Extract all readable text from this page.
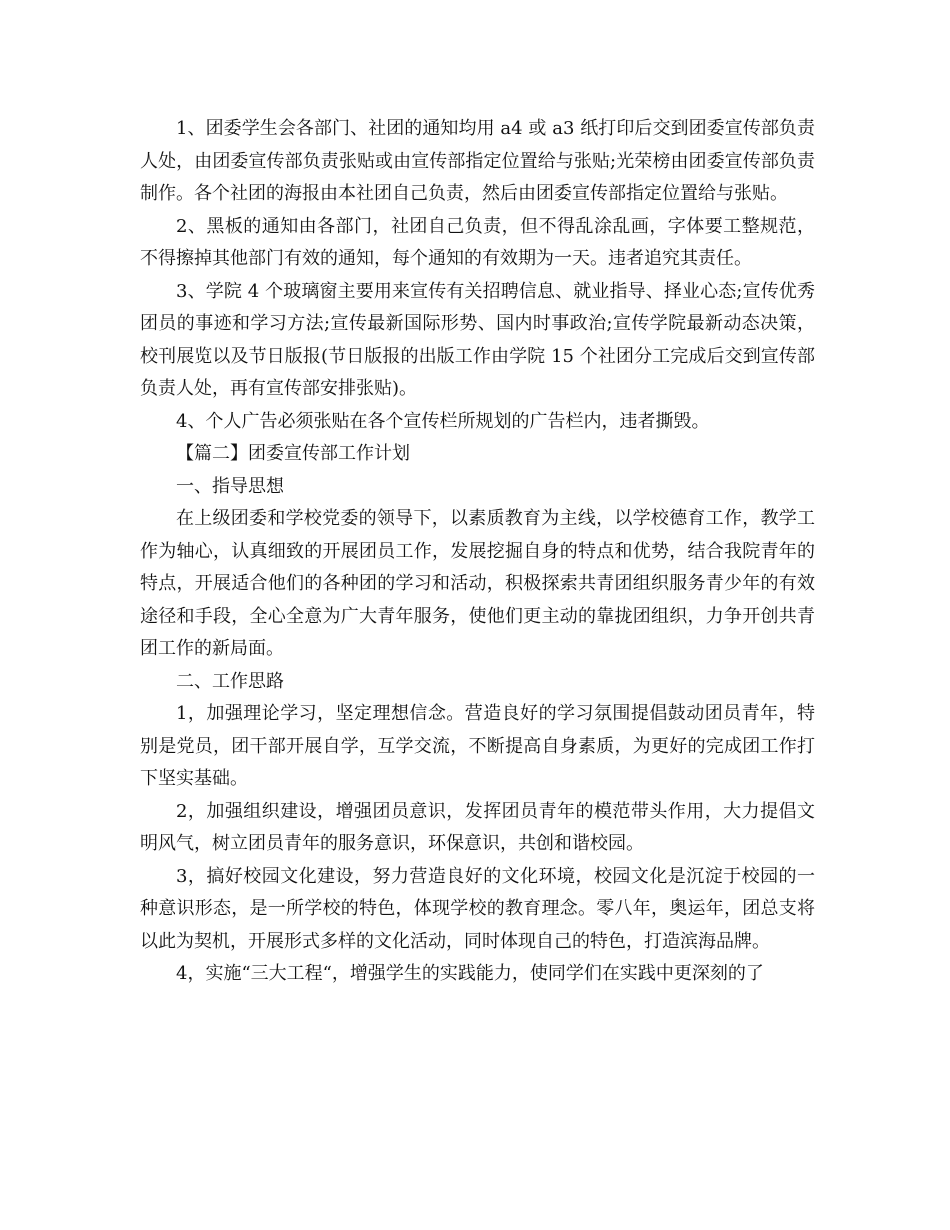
1、团委学生会各部门、社团的通知均用 a4 或 a3 纸打印后交到团委宣传部负责人处，由团委宣传部负责张贴或由宣传部指定位置给与张贴;光荣榜由团委宣传部负责制作。各个社团的海报由本社团自己负责，然后由团委宣传部指定位置给与张贴。

2、黑板的通知由各部门，社团自己负责，但不得乱涂乱画，字体要工整规范，不得擦掉其他部门有效的通知，每个通知的有效期为一天。违者追究其责任。

3、学院 4 个玻璃窗主要用来宣传有关招聘信息、就业指导、择业心态;宣传优秀团员的事迹和学习方法;宣传最新国际形势、国内时事政治;宣传学院最新动态决策，校刊展览以及节日版报(节日版报的出版工作由学院 15 个社团分工完成后交到宣传部负责人处，再有宣传部安排张贴)。

4、个人广告必须张贴在各个宣传栏所规划的广告栏内，违者撕毁。

【篇二】团委宣传部工作计划

一、指导思想

在上级团委和学校党委的领导下，以素质教育为主线，以学校德育工作，教学工作为轴心，认真细致的开展团员工作，发展挖掘自身的特点和优势，结合我院青年的特点，开展适合他们的各种团的学习和活动，积极探索共青团组织服务青少年的有效途径和手段，全心全意为广大青年服务，使他们更主动的靠拢团组织，力争开创共青团工作的新局面。

二、工作思路

1，加强理论学习，坚定理想信念。营造良好的学习氛围提倡鼓动团员青年，特别是党员，团干部开展自学，互学交流，不断提高自身素质，为更好的完成团工作打下坚实基础。

2，加强组织建设，增强团员意识，发挥团员青年的模范带头作用，大力提倡文明风气，树立团员青年的服务意识，环保意识，共创和谐校园。

3，搞好校园文化建设，努力营造良好的文化环境，校园文化是沉淀于校园的一种意识形态，是一所学校的特色，体现学校的教育理念。零八年，奥运年，团总支将以此为契机，开展形式多样的文化活动，同时体现自己的特色，打造滨海品牌。

4，实施“三大工程“，增强学生的实践能力，使同学们在实践中更深刻的了
